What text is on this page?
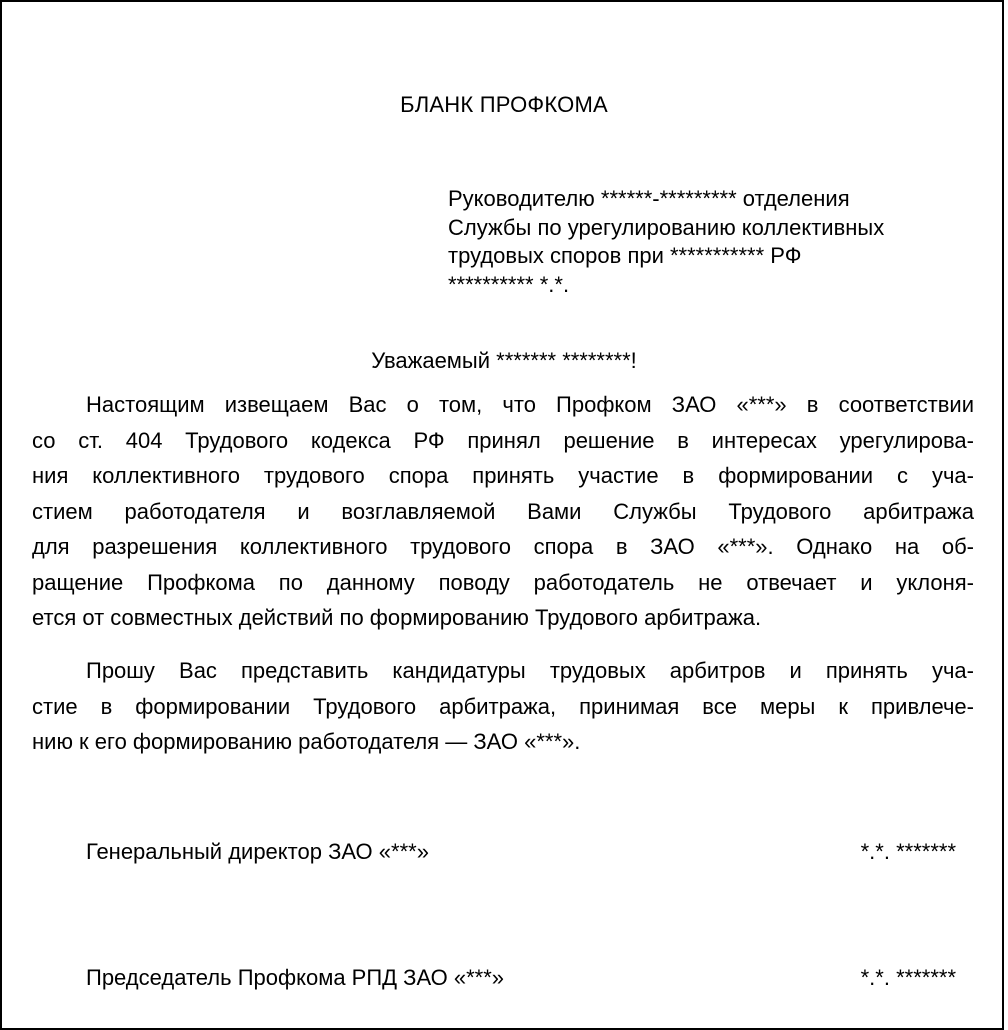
БЛАНК ПРОФКОМА
Руководителю ******-********* отделения
Службы по урегулированию коллективных
трудовых споров при *********** РФ
********** *.*.
Уважаемый ******* ********!
Настоящим извещаем Вас о том, что Профком ЗАО «***» в соответствии
со ст. 404 Трудового кодекса РФ принял решение в интересах урегулирова-
ния коллективного трудового спора принять участие в формировании с уча-
стием работодателя и возглавляемой Вами Службы Трудового арбитража
для разрешения коллективного трудового спора в ЗАО «***». Однако на об-
ращение Профкома по данному поводу работодатель не отвечает и уклоня-
ется от совместных действий по формированию Трудового арбитража.
Прошу Вас представить кандидатуры трудовых арбитров и принять уча-
стие в формировании Трудового арбитража, принимая все меры к привлече-
нию к его формированию работодателя — ЗАО «***».
Генеральный директор ЗАО «***»	*.*. *******
Председатель Профкома РПД ЗАО «***»	*.*. *******
